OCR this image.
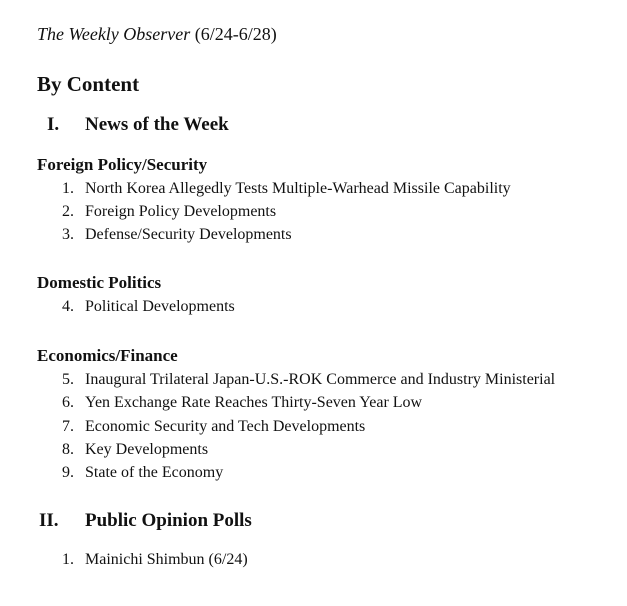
The Weekly Observer (6/24-6/28)
By Content
I. News of the Week
Foreign Policy/Security
1. North Korea Allegedly Tests Multiple-Warhead Missile Capability
2. Foreign Policy Developments
3. Defense/Security Developments
Domestic Politics
4. Political Developments
Economics/Finance
5. Inaugural Trilateral Japan-U.S.-ROK Commerce and Industry Ministerial
6. Yen Exchange Rate Reaches Thirty-Seven Year Low
7. Economic Security and Tech Developments
8. Key Developments
9. State of the Economy
II. Public Opinion Polls
1. Mainichi Shimbun (6/24)
